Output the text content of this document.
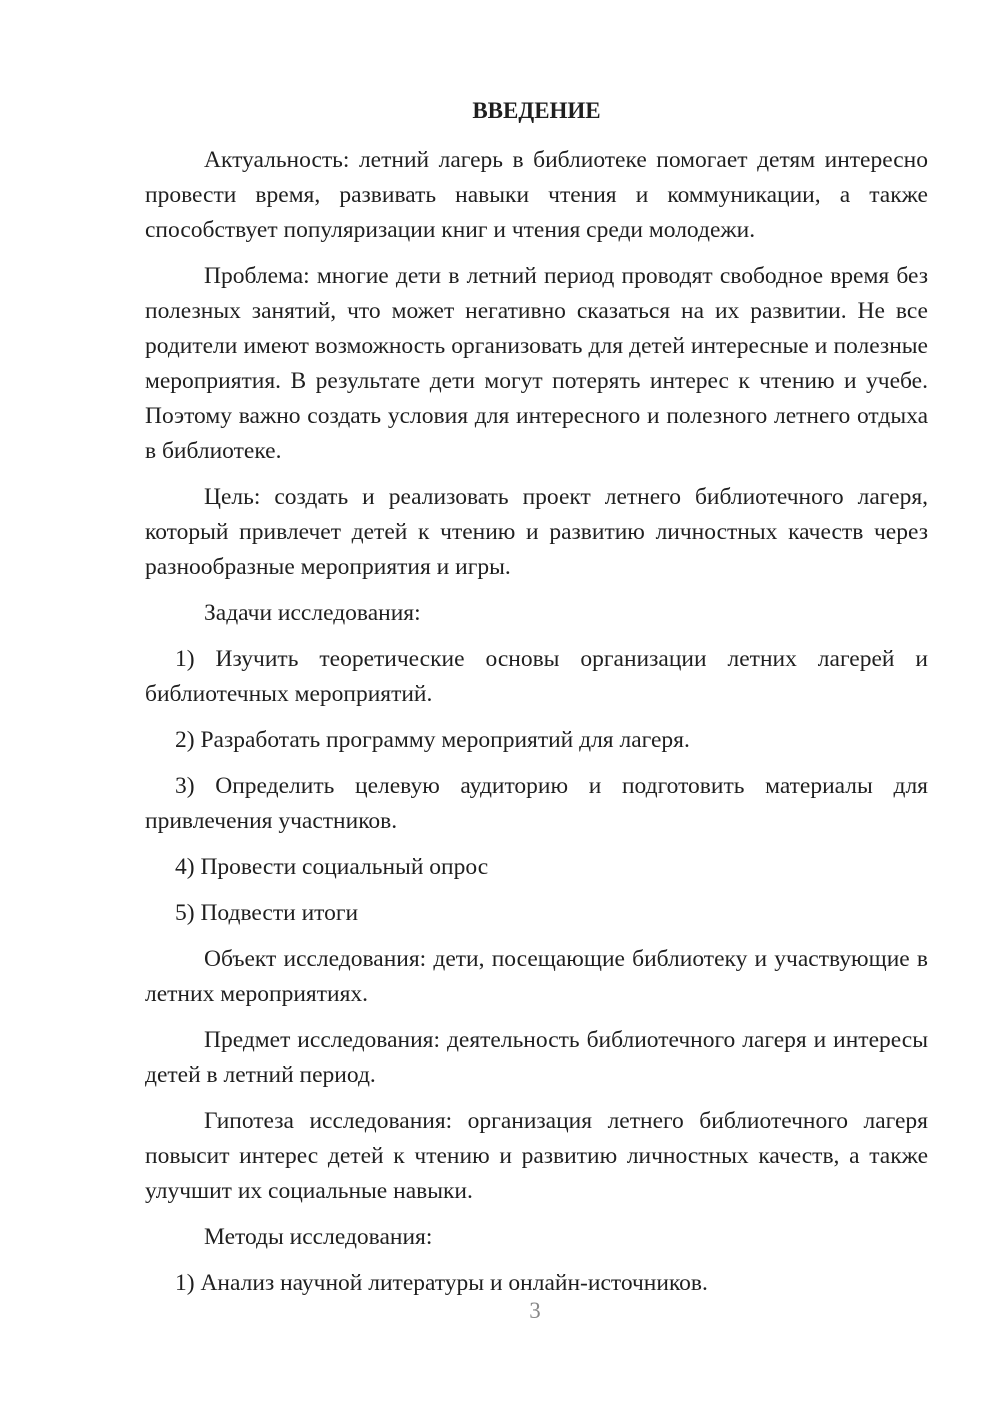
ВВЕДЕНИЕ

Актуальность: летний лагерь в библиотеке помогает детям интересно провести время, развивать навыки чтения и коммуникации, а также способствует популяризации книг и чтения среди молодежи.

Проблема: многие дети в летний период проводят свободное время без полезных занятий, что может негативно сказаться на их развитии. Не все родители имеют возможность организовать для детей интересные и полезные мероприятия. В результате дети могут потерять интерес к чтению и учебе. Поэтому важно создать условия для интересного и полезного летнего отдыха в библиотеке.

Цель: создать и реализовать проект летнего библиотечного лагеря, который привлечет детей к чтению и развитию личностных качеств через разнообразные мероприятия и игры.

Задачи исследования:

1) Изучить теоретические основы организации летних лагерей и библиотечных мероприятий.

2) Разработать программу мероприятий для лагеря.

3) Определить целевую аудиторию и подготовить материалы для привлечения участников.

4) Провести социальный опрос

5) Подвести итоги

Объект исследования: дети, посещающие библиотеку и участвующие в летних мероприятиях.

Предмет исследования: деятельность библиотечного лагеря и интересы детей в летний период.

Гипотеза исследования: организация летнего библиотечного лагеря повысит интерес детей к чтению и развитию личностных качеств, а также улучшит их социальные навыки.

Методы исследования:

1) Анализ научной литературы и онлайн-источников.

3
